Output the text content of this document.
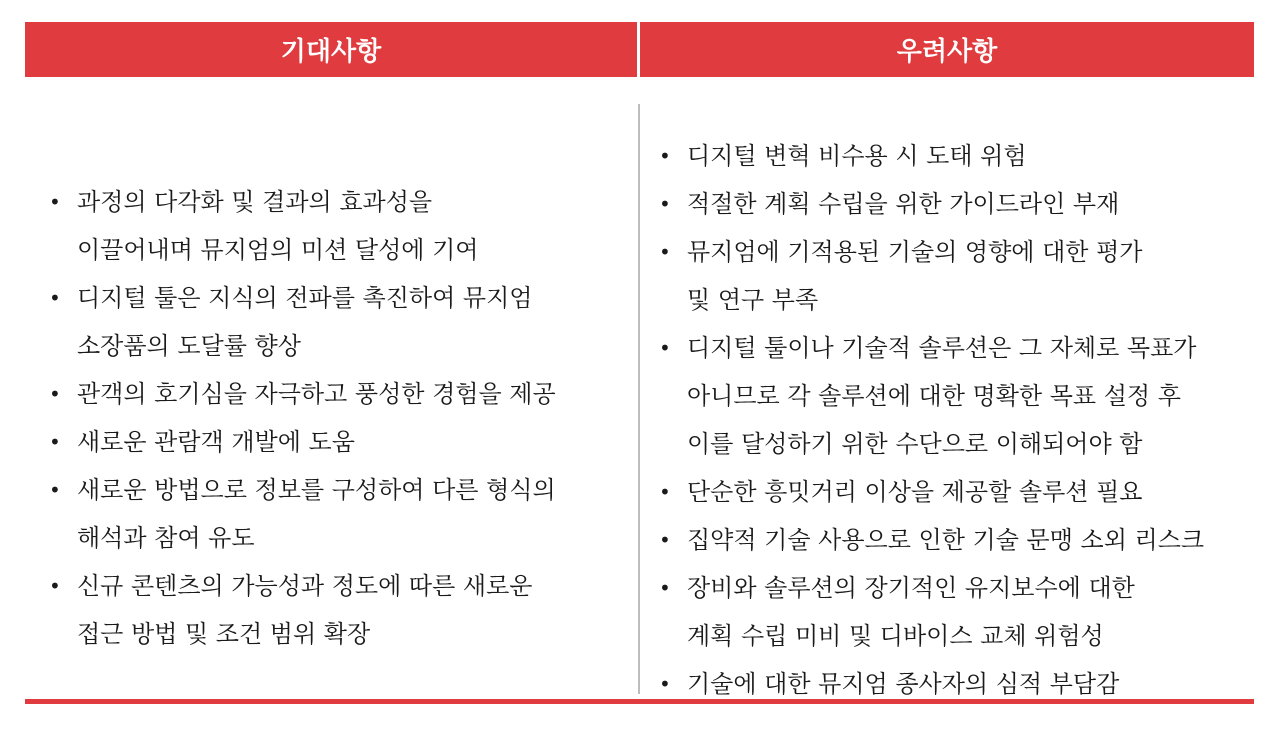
기대사항	우려사항
• 과정의 다각화 및 결과의 효과성을
이끌어내며 뮤지엄의 미션 달성에 기여
• 디지털 툴은 지식의 전파를 촉진하여 뮤지엄
소장품의 도달률 향상
• 관객의 호기심을 자극하고 풍성한 경험을 제공
• 새로운 관람객 개발에 도움
• 새로운 방법으로 정보를 구성하여 다른 형식의
해석과 참여 유도
• 신규 콘텐츠의 가능성과 정도에 따른 새로운
접근 방법 및 조건 범위 확장
• 디지털 변혁 비수용 시 도태 위험
• 적절한 계획 수립을 위한 가이드라인 부재
• 뮤지엄에 기적용된 기술의 영향에 대한 평가
및 연구 부족
• 디지털 툴이나 기술적 솔루션은 그 자체로 목표가
아니므로 각 솔루션에 대한 명확한 목표 설정 후
이를 달성하기 위한 수단으로 이해되어야 함
• 단순한 흥밋거리 이상을 제공할 솔루션 필요
• 집약적 기술 사용으로 인한 기술 문맹 소외 리스크
• 장비와 솔루션의 장기적인 유지보수에 대한
계획 수립 미비 및 디바이스 교체 위험성
• 기술에 대한 뮤지엄 종사자의 심적 부담감
